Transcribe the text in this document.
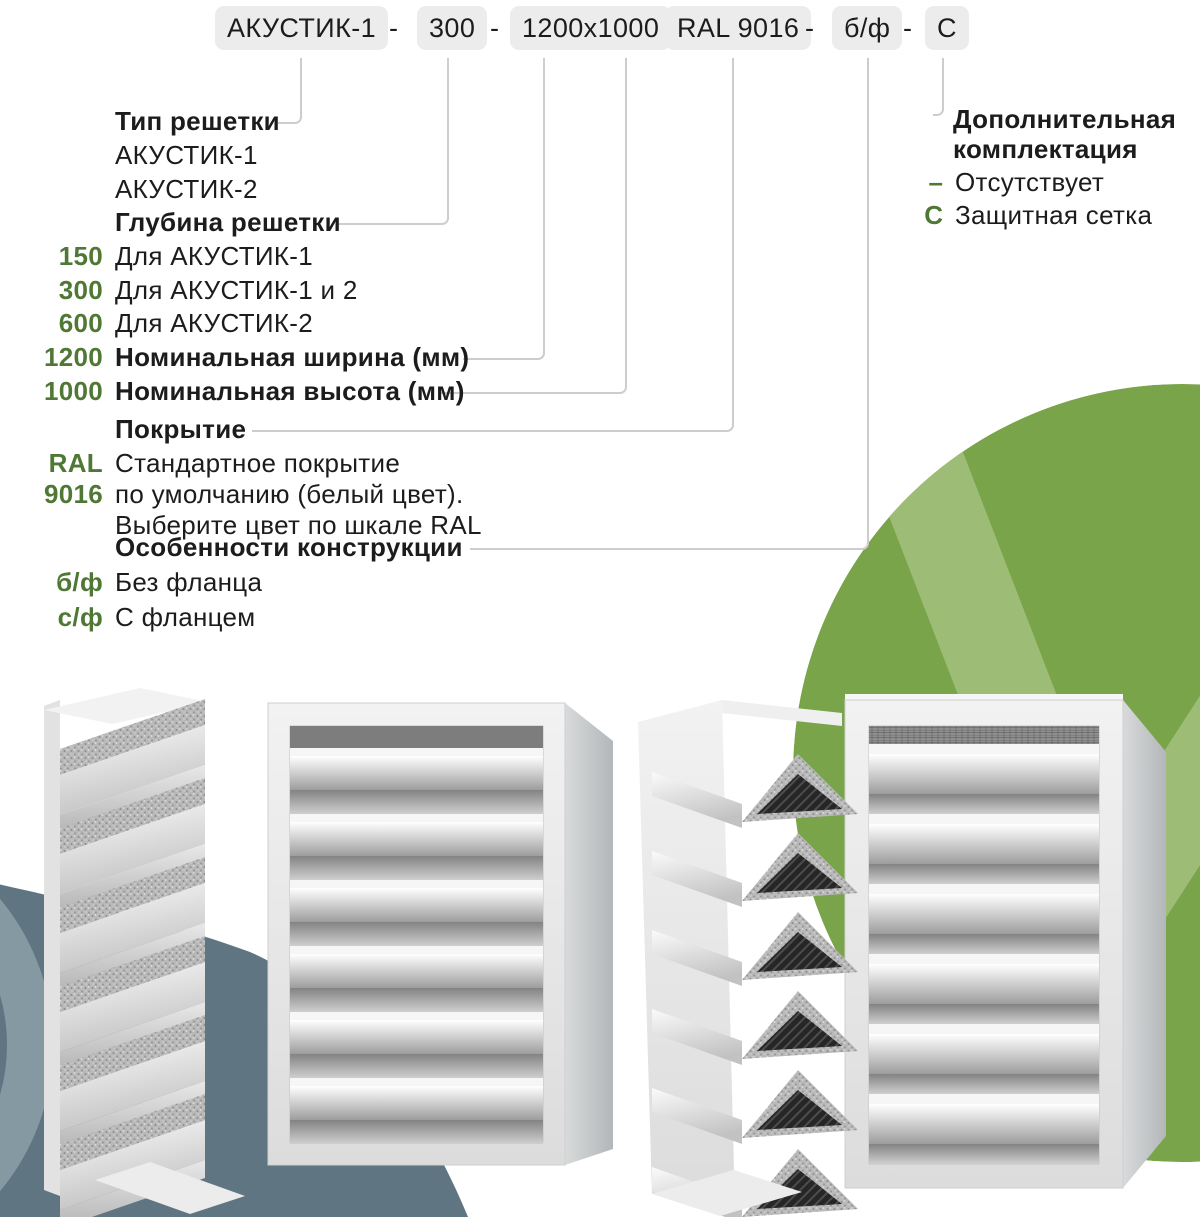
АКУСТИК-1 -	300 - 1200х1000 RAL 9016 -	б/ф - С
Тип решетки
АКУСТИК-1
АКУСТИК-2
Глубина решетки
150 Для АКУСТИК-1
300 Для АКУСТИК-1 и 2
600 Для АКУСТИК-2
1200 Номинальная ширина (мм)
1000 Номинальная высота (мм)
Покрытие
RAL
9016
Стандартное покрытие
по умолчанию (белый цвет).
Выберите цвет по шкале RAL
Особенности конструкции
б/ф Без фланца
с/ф С фланцем
Дополнительная
комплектация
– Отсутствует
С Защитная сетка
